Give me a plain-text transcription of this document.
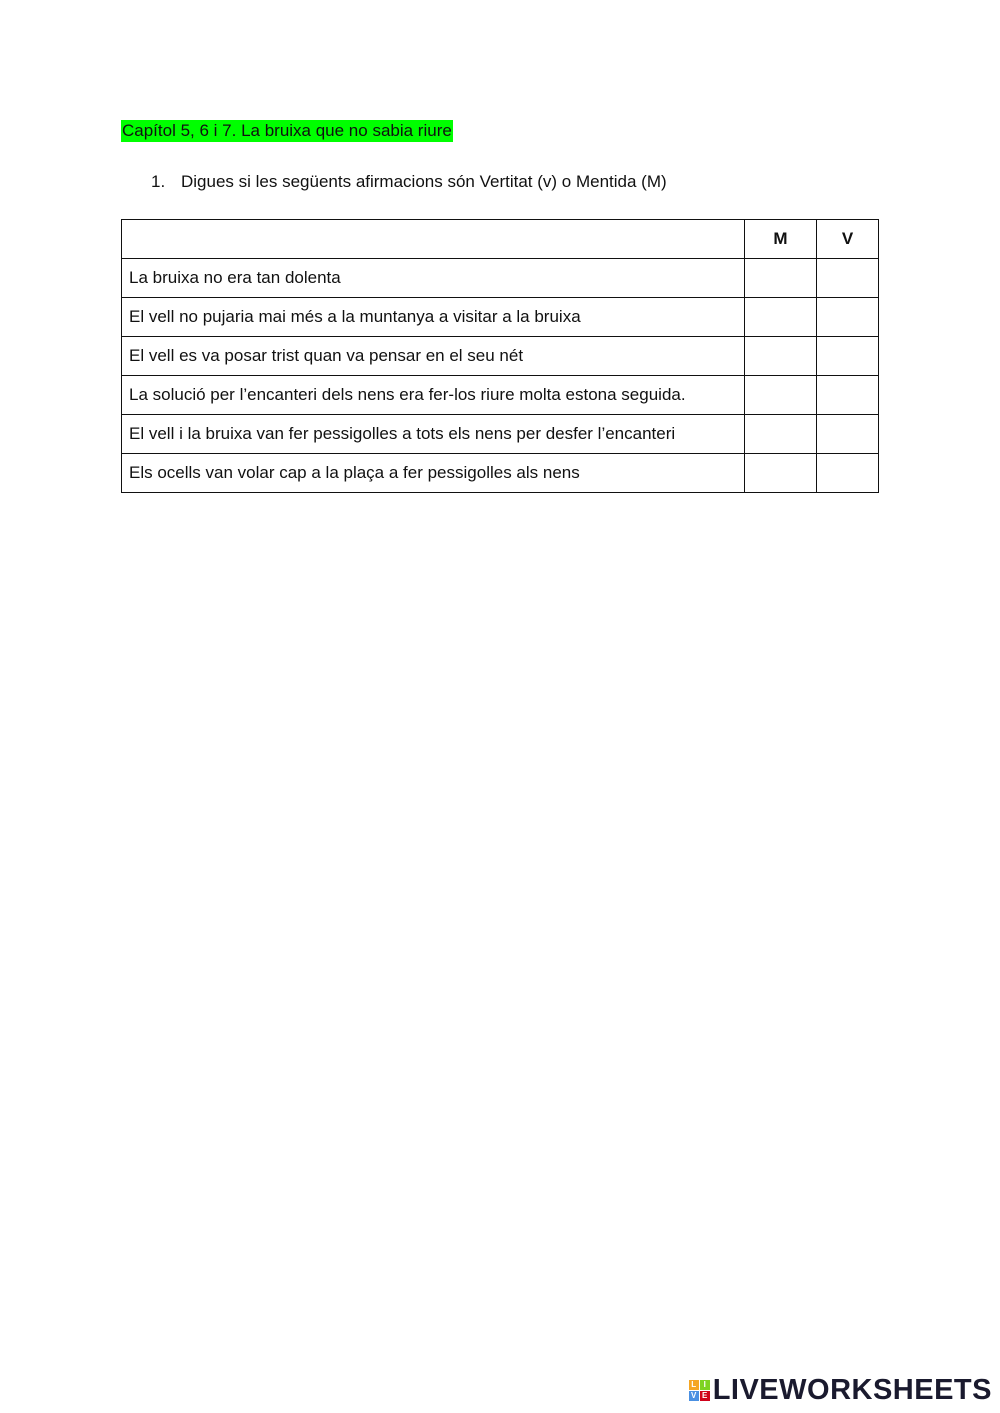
Capítol 5, 6 i 7. La bruixa que no sabia riure
1. Digues si les següents afirmacions són Vertitat (v) o Mentida (M)
	M	V
La bruixa no era tan dolenta		
El vell no pujaria mai més a la muntanya a visitar a la bruixa		
El vell es va posar trist quan va pensar en el seu nét		
La solució per l’encanteri dels nens era fer-los riure molta estona seguida.		
El vell i la bruixa van fer pessigolles a tots els nens per desfer l’encanteri		
Els ocells van volar cap a la plaça a fer pessigolles als nens		
L I
V E LIVEWORKSHEETS
